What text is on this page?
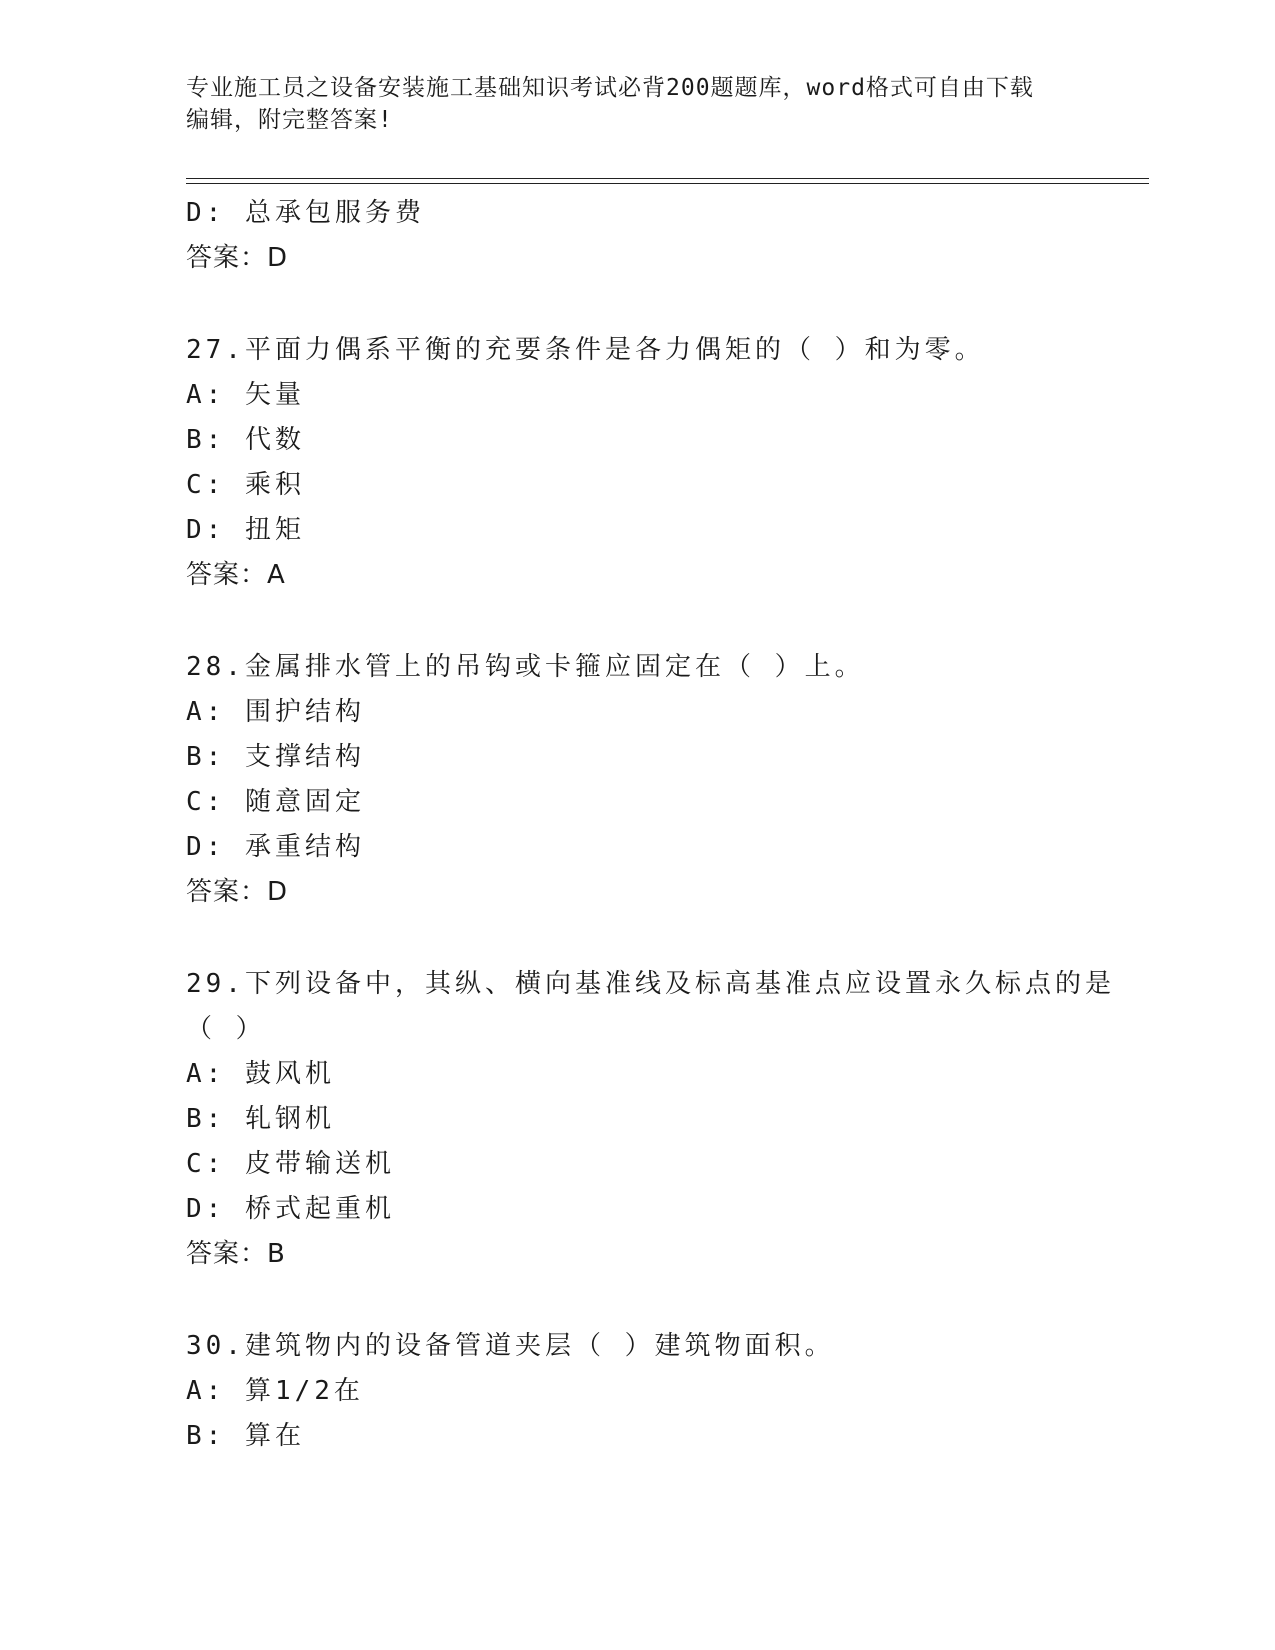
专业施工员之设备安装施工基础知识考试必背200题题库，word格式可自由下载
编辑，附完整答案!
D: 总承包服务费
答案：D
27.平面力偶系平衡的充要条件是各力偶矩的（ ）和为零。
A: 矢量
B: 代数
C: 乘积
D: 扭矩
答案：A
28.金属排水管上的吊钩或卡箍应固定在（ ）上。
A: 围护结构
B: 支撑结构
C: 随意固定
D: 承重结构
答案：D
29.下列设备中，其纵、横向基准线及标高基准点应设置永久标点的是
（ ）
A: 鼓风机
B: 轧钢机
C: 皮带输送机
D: 桥式起重机
答案：B
30.建筑物内的设备管道夹层（ ）建筑物面积。
A: 算1/2在
B: 算在
